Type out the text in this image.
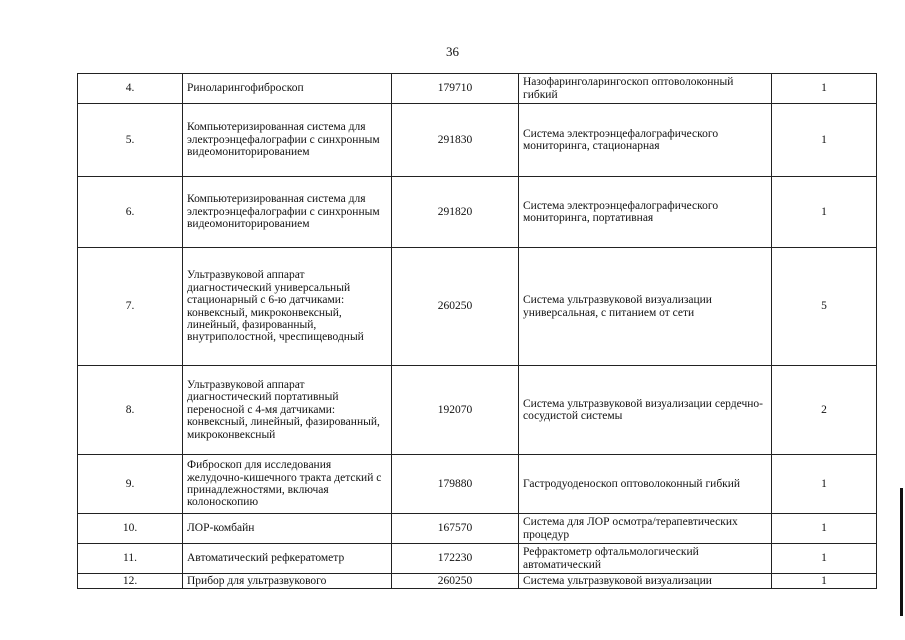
36
4.	Риноларингофиброскоп	179710	Назофаринголарингоскоп оптоволоконный гибкий	1
5.	Компьютеризированная система для электроэнцефалографии с синхронным видеомониторированием	291830	Система электроэнцефалографического мониторинга, стационарная	1
6.	Компьютеризированная система для электроэнцефалографии с синхронным видеомониторированием	291820	Система электроэнцефалографического мониторинга, портативная	1
7.	Ультразвуковой аппарат диагностический универсальный стационарный с 6-ю датчиками: конвексный, микроконвексный, линейный, фазированный, внутриполостной, чреспищеводный	260250	Система ультразвуковой визуализации универсальная, с питанием от сети	5
8.	Ультразвуковой аппарат диагностический портативный переносной с 4-мя датчиками: конвексный, линейный, фазированный, микроконвексный	192070	Система ультразвуковой визуализации сердечно-сосудистой системы	2
9.	Фиброскоп для исследования желудочно-кишечного тракта детский с принадлежностями, включая колоноскопию	179880	Гастродуоденоскоп оптоволоконный гибкий	1
10.	ЛОР-комбайн	167570	Система для ЛОР осмотра/терапевтических процедур	1
11.	Автоматический рефкератометр	172230	Рефрактометр офтальмологический автоматический	1
12.	Прибор для ультразвукового	260250	Система ультразвуковой визуализации	1
